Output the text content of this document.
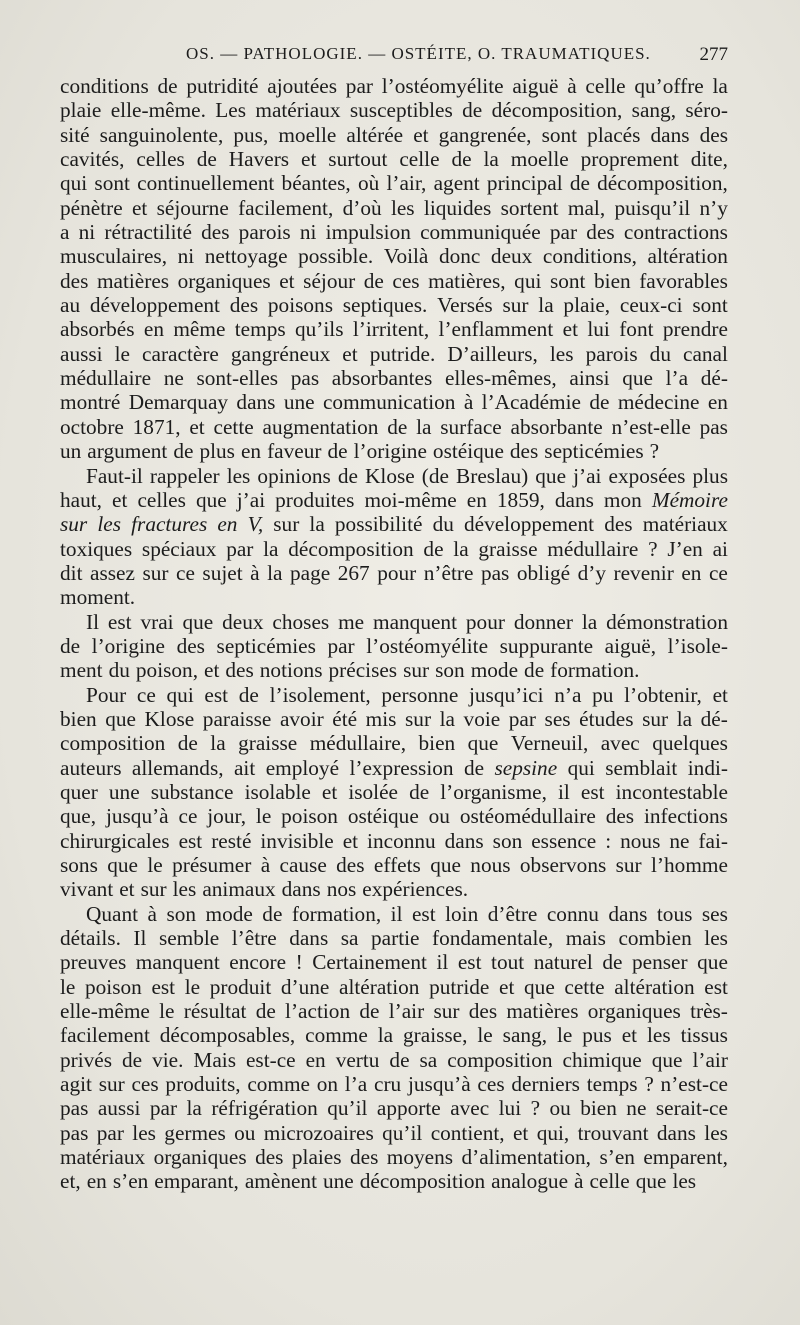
OS. — PATHOLOGIE. — OSTÉITE, O. TRAUMATIQUES.	277
conditions de putridité ajoutées par l’ostéomyélite aiguë à celle qu’offre la
plaie elle-même. Les matériaux susceptibles de décomposition, sang, séro-
sité sanguinolente, pus, moelle altérée et gangrenée, sont placés dans des
cavités, celles de Havers et surtout celle de la moelle proprement dite,
qui sont continuellement béantes, où l’air, agent principal de décomposition,
pénètre et séjourne facilement, d’où les liquides sortent mal, puisqu’il n’y
a ni rétractilité des parois ni impulsion communiquée par des contractions
musculaires, ni nettoyage possible. Voilà donc deux conditions, altération
des matières organiques et séjour de ces matières, qui sont bien favorables
au développement des poisons septiques. Versés sur la plaie, ceux-ci sont
absorbés en même temps qu’ils l’irritent, l’enflamment et lui font prendre
aussi le caractère gangréneux et putride. D’ailleurs, les parois du canal
médullaire ne sont-elles pas absorbantes elles-mêmes, ainsi que l’a dé-
montré Demarquay dans une communication à l’Académie de médecine en
octobre 1871, et cette augmentation de la surface absorbante n’est-elle pas
un argument de plus en faveur de l’origine ostéique des septicémies ?
Faut-il rappeler les opinions de Klose (de Breslau) que j’ai exposées plus
haut, et celles que j’ai produites moi-même en 1859, dans mon Mémoire
sur les fractures en V, sur la possibilité du développement des matériaux
toxiques spéciaux par la décomposition de la graisse médullaire ? J’en ai
dit assez sur ce sujet à la page 267 pour n’être pas obligé d’y revenir en ce
moment.
Il est vrai que deux choses me manquent pour donner la démonstration
de l’origine des septicémies par l’ostéomyélite suppurante aiguë, l’isole-
ment du poison, et des notions précises sur son mode de formation.
Pour ce qui est de l’isolement, personne jusqu’ici n’a pu l’obtenir, et
bien que Klose paraisse avoir été mis sur la voie par ses études sur la dé-
composition de la graisse médullaire, bien que Verneuil, avec quelques
auteurs allemands, ait employé l’expression de sepsine qui semblait indi-
quer une substance isolable et isolée de l’organisme, il est incontestable
que, jusqu’à ce jour, le poison ostéique ou ostéomédullaire des infections
chirurgicales est resté invisible et inconnu dans son essence : nous ne fai-
sons que le présumer à cause des effets que nous observons sur l’homme
vivant et sur les animaux dans nos expériences.
Quant à son mode de formation, il est loin d’être connu dans tous ses
détails. Il semble l’être dans sa partie fondamentale, mais combien les
preuves manquent encore ! Certainement il est tout naturel de penser que
le poison est le produit d’une altération putride et que cette altération est
elle-même le résultat de l’action de l’air sur des matières organiques très-
facilement décomposables, comme la graisse, le sang, le pus et les tissus
privés de vie. Mais est-ce en vertu de sa composition chimique que l’air
agit sur ces produits, comme on l’a cru jusqu’à ces derniers temps ? n’est-ce
pas aussi par la réfrigération qu’il apporte avec lui ? ou bien ne serait-ce
pas par les germes ou microzoaires qu’il contient, et qui, trouvant dans les
matériaux organiques des plaies des moyens d’alimentation, s’en emparent,
et, en s’en emparant, amènent une décomposition analogue à celle que les
